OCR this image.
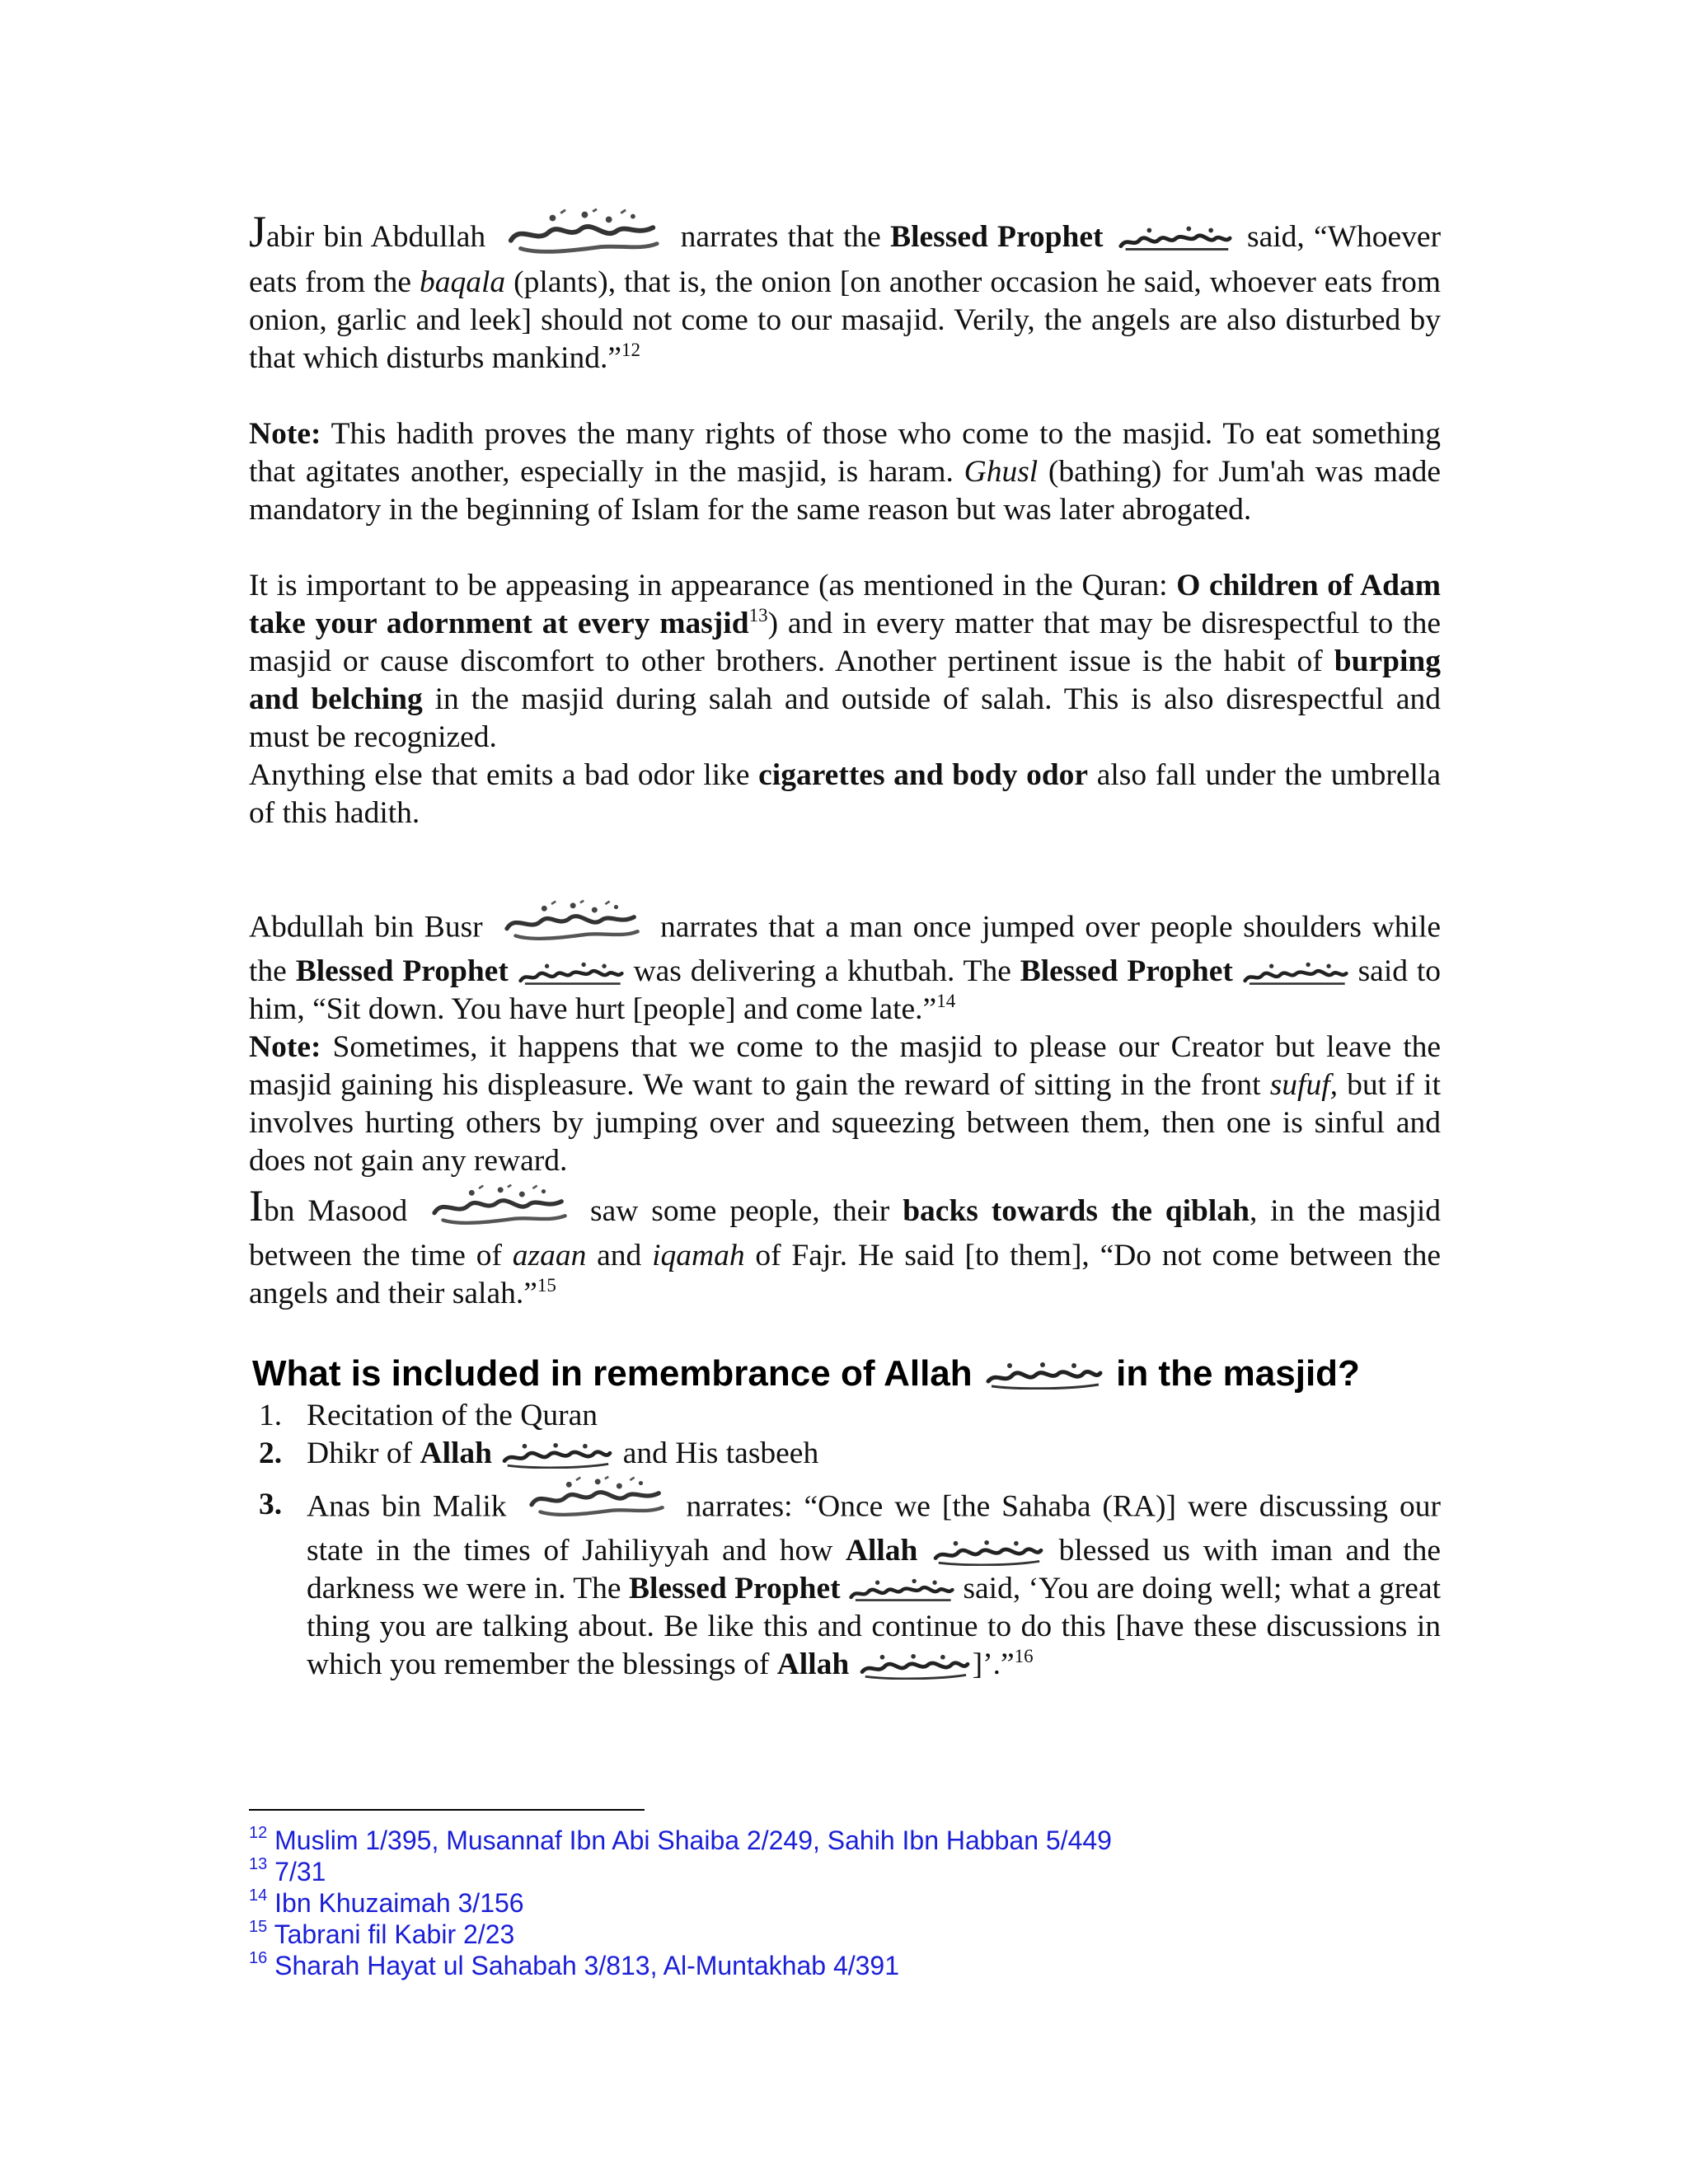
Jabir bin Abdullah	narrates that the Blessed Prophet	said, “Whoever eats from the baqala (plants), that is, the onion [on another occasion he said, whoever eats from onion, garlic and leek] should not come to our masajid. Verily, the angels are also disturbed by that which disturbs mankind.”$^{12}$

Note: This hadith proves the many rights of those who come to the masjid. To eat something that agitates another, especially in the masjid, is haram. Ghusl (bathing) for Jum'ah was made mandatory in the beginning of Islam for the same reason but was later abrogated.

It is important to be appeasing in appearance (as mentioned in the Quran: O children of Adam take your adornment at every masjid$^{13}$) and in every matter that may be disrespectful to the masjid or cause discomfort to other brothers. Another pertinent issue is the habit of burping and belching in the masjid during salah and outside of salah. This is also disrespectful and must be recognized.

Anything else that emits a bad odor like cigarettes and body odor also fall under the umbrella of this hadith.

Abdullah bin Busr	narrates that a man once jumped over people shoulders while the Blessed Prophet	was delivering a khutbah. The Blessed Prophet	said to him, “Sit down. You have hurt [people] and come late.”$^{14}$

Note: Sometimes, it happens that we come to the masjid to please our Creator but leave the masjid gaining his displeasure. We want to gain the reward of sitting in the front sufuf, but if it involves hurting others by jumping over and squeezing between them, then one is sinful and does not gain any reward.

Ibn Masood	saw some people, their backs towards the qiblah, in the masjid between the time of azaan and iqamah of Fajr. He said [to them], “Do not come between the angels and their salah.”$^{15}$

What is included in remembrance of Allah	in the masjid?
1. Recitation of the Quran
2. Dhikr of Allah	and His tasbeeh
3. Anas bin Malik	narrates: “Once we [the Sahaba (RA)] were discussing our state in the times of Jahiliyyah and how Allah	blessed us with iman and the darkness we were in. The Blessed Prophet	said, ‘You are doing well; what a great thing you are talking about. Be like this and continue to do this [have these discussions in which you remember the blessings of Allah	]’.”$^{16}$
$^{12}$ Muslim 1/395, Musannaf Ibn Abi Shaiba 2/249, Sahih Ibn Habban 5/449
$^{13}$ 7/31
$^{14}$ Ibn Khuzaimah 3/156
$^{15}$ Tabrani fil Kabir 2/23
$^{16}$ Sharah Hayat ul Sahabah 3/813, Al-Muntakhab 4/391
